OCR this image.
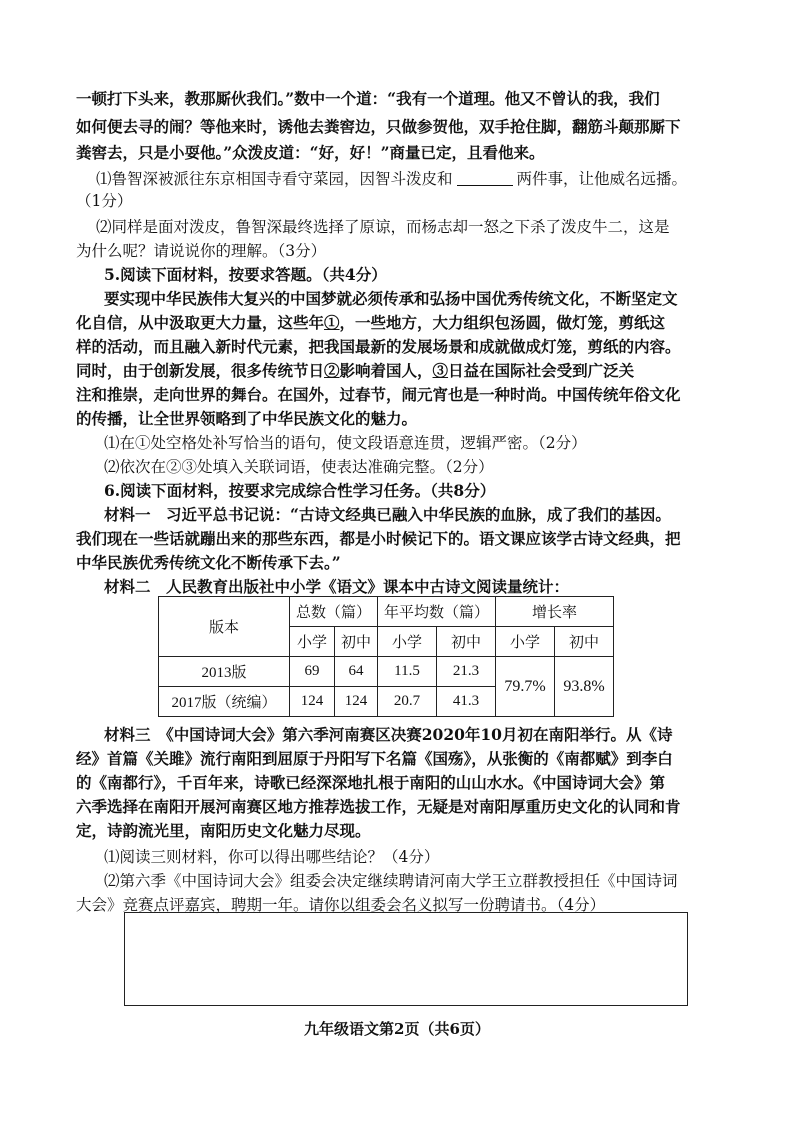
一顿打下头来，教那厮伙我们。”数中一个道：“我有一个道理。他又不曾认的我，我们
如何便去寻的闹？等他来时，诱他去粪窖边，只做参贺他，双手抢住脚，翻筋斗颠那厮下
粪窖去，只是小耍他。”众泼皮道：“好，好！”商量已定，且看他来。
⑴鲁智深被派往东京相国寺看守菜园，因智斗泼皮和	两件事，让他威名远播。
（1分）
⑵同样是面对泼皮，鲁智深最终选择了原谅，而杨志却一怒之下杀了泼皮牛二，这是
为什么呢？请说说你的理解。（3分）
5.阅读下面材料，按要求答题。（共4分）
要实现中华民族伟大复兴的中国梦就必须传承和弘扬中国优秀传统文化，不断坚定文
化自信，从中汲取更大力量，这些年①，一些地方，大力组织包汤圆，做灯笼，剪纸这
样的活动，而且融入新时代元素，把我国最新的发展场景和成就做成灯笼，剪纸的内容。
同时，由于创新发展，很多传统节日②影响着国人，③日益在国际社会受到广泛关
注和推崇，走向世界的舞台。在国外，过春节，闹元宵也是一种时尚。中国传统年俗文化
的传播，让全世界领略到了中华民族文化的魅力。
⑴在①处空格处补写恰当的语句，使文段语意连贯，逻辑严密。（2分）
⑵依次在②③处填入关联词语，使表达准确完整。（2分）
6.阅读下面材料，按要求完成综合性学习任务。（共8分）
材料一　习近平总书记说：“古诗文经典已融入中华民族的血脉，成了我们的基因。
我们现在一些话就蹦出来的那些东西，都是小时候记下的。语文课应该学古诗文经典，把
中华民族优秀传统文化不断传承下去。”
材料二　人民教育出版社中小学《语文》课本中古诗文阅读量统计：
版本	总数（篇）		年平均数（篇）		增长率	
	小学	初中	小学	初中	小学	初中
2013版	69	64	11.5	21.3	79.7%	93.8%
2017版（统编）	124	124	20.7	41.3		
材料三　《中国诗词大会》第六季河南赛区决赛2020年10月初在南阳举行。从《诗
经》首篇《关雎》流行南阳到屈原于丹阳写下名篇《国殇》，从张衡的《南都赋》到李白
的《南都行》，千百年来，诗歌已经深深地扎根于南阳的山山水水。《中国诗词大会》第
六季选择在南阳开展河南赛区地方推荐选拔工作，无疑是对南阳厚重历史文化的认同和肯
定，诗韵流光里，南阳历史文化魅力尽现。
⑴阅读三则材料，你可以得出哪些结论？（4分）
⑵第六季《中国诗词大会》组委会决定继续聘请河南大学王立群教授担任《中国诗词
大会》竞赛点评嘉宾，聘期一年。请你以组委会名义拟写一份聘请书。（4分）
九年级语文第2页（共6页）
